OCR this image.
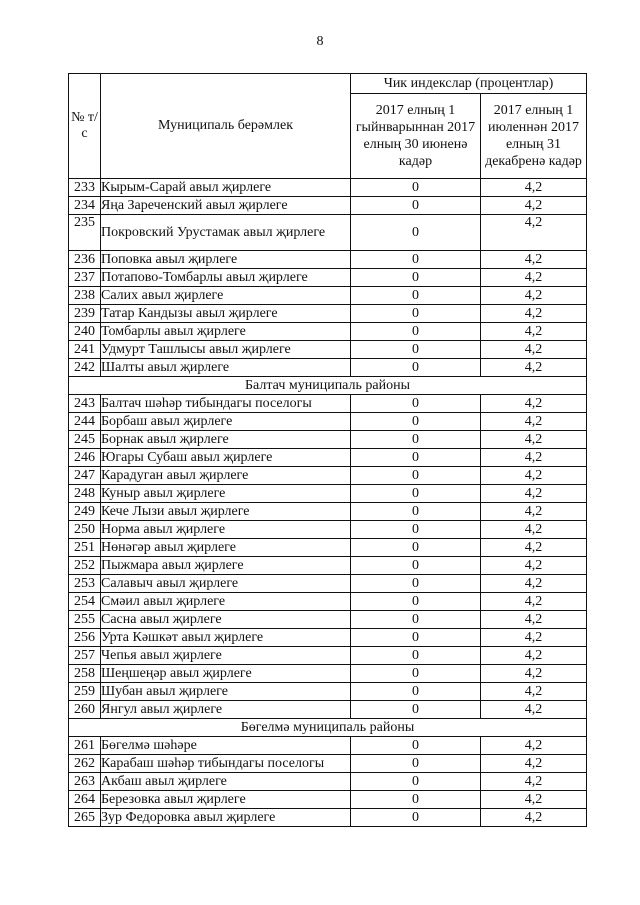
8
№ т/с	Муниципаль берәмлек	Чик индекслар (процентлар)	
		2017 елның 1 гыйнварыннан 2017 елның 30 июненә кадәр	2017 елның 1 июленнән 2017 елның 31 декабренә кадәр
233	Кырым-Сарай авыл җирлеге	0	4,2
234	Яңа Зареченский авыл җирлеге	0	4,2
235	Покровский Урустамак авыл җирлеге	0	4,2
236	Поповка авыл җирлеге	0	4,2
237	Потапово-Томбарлы авыл җирлеге	0	4,2
238	Салих авыл җирлеге	0	4,2
239	Татар Кандызы авыл җирлеге	0	4,2
240	Томбарлы авыл җирлеге	0	4,2
241	Удмурт Ташлысы авыл җирлеге	0	4,2
242	Шалты авыл җирлеге	0	4,2
Балтач муниципаль районы			
243	Балтач шәһәр тибындагы поселогы	0	4,2
244	Борбаш авыл җирлеге	0	4,2
245	Борнак авыл җирлеге	0	4,2
246	Югары Субаш авыл җирлеге	0	4,2
247	Карадуган авыл җирлеге	0	4,2
248	Куныр авыл җирлеге	0	4,2
249	Кече Лызи авыл җирлеге	0	4,2
250	Норма авыл җирлеге	0	4,2
251	Нөнәгәр авыл җирлеге	0	4,2
252	Пыжмара авыл җирлеге	0	4,2
253	Салавыч авыл җирлеге	0	4,2
254	Смәил авыл җирлеге	0	4,2
255	Сасна авыл җирлеге	0	4,2
256	Урта Кәшкәт авыл җирлеге	0	4,2
257	Чепья авыл җирлеге	0	4,2
258	Шеңшеңәр авыл җирлеге	0	4,2
259	Шубан авыл җирлеге	0	4,2
260	Янгул авыл җирлеге	0	4,2
Бөгелмә муниципаль районы			
261	Бөгелмә шәһәре	0	4,2
262	Карабаш шәһәр тибындагы поселогы	0	4,2
263	Акбаш авыл җирлеге	0	4,2
264	Березовка авыл җирлеге	0	4,2
265	Зур Федоровка авыл җирлеге	0	4,2
